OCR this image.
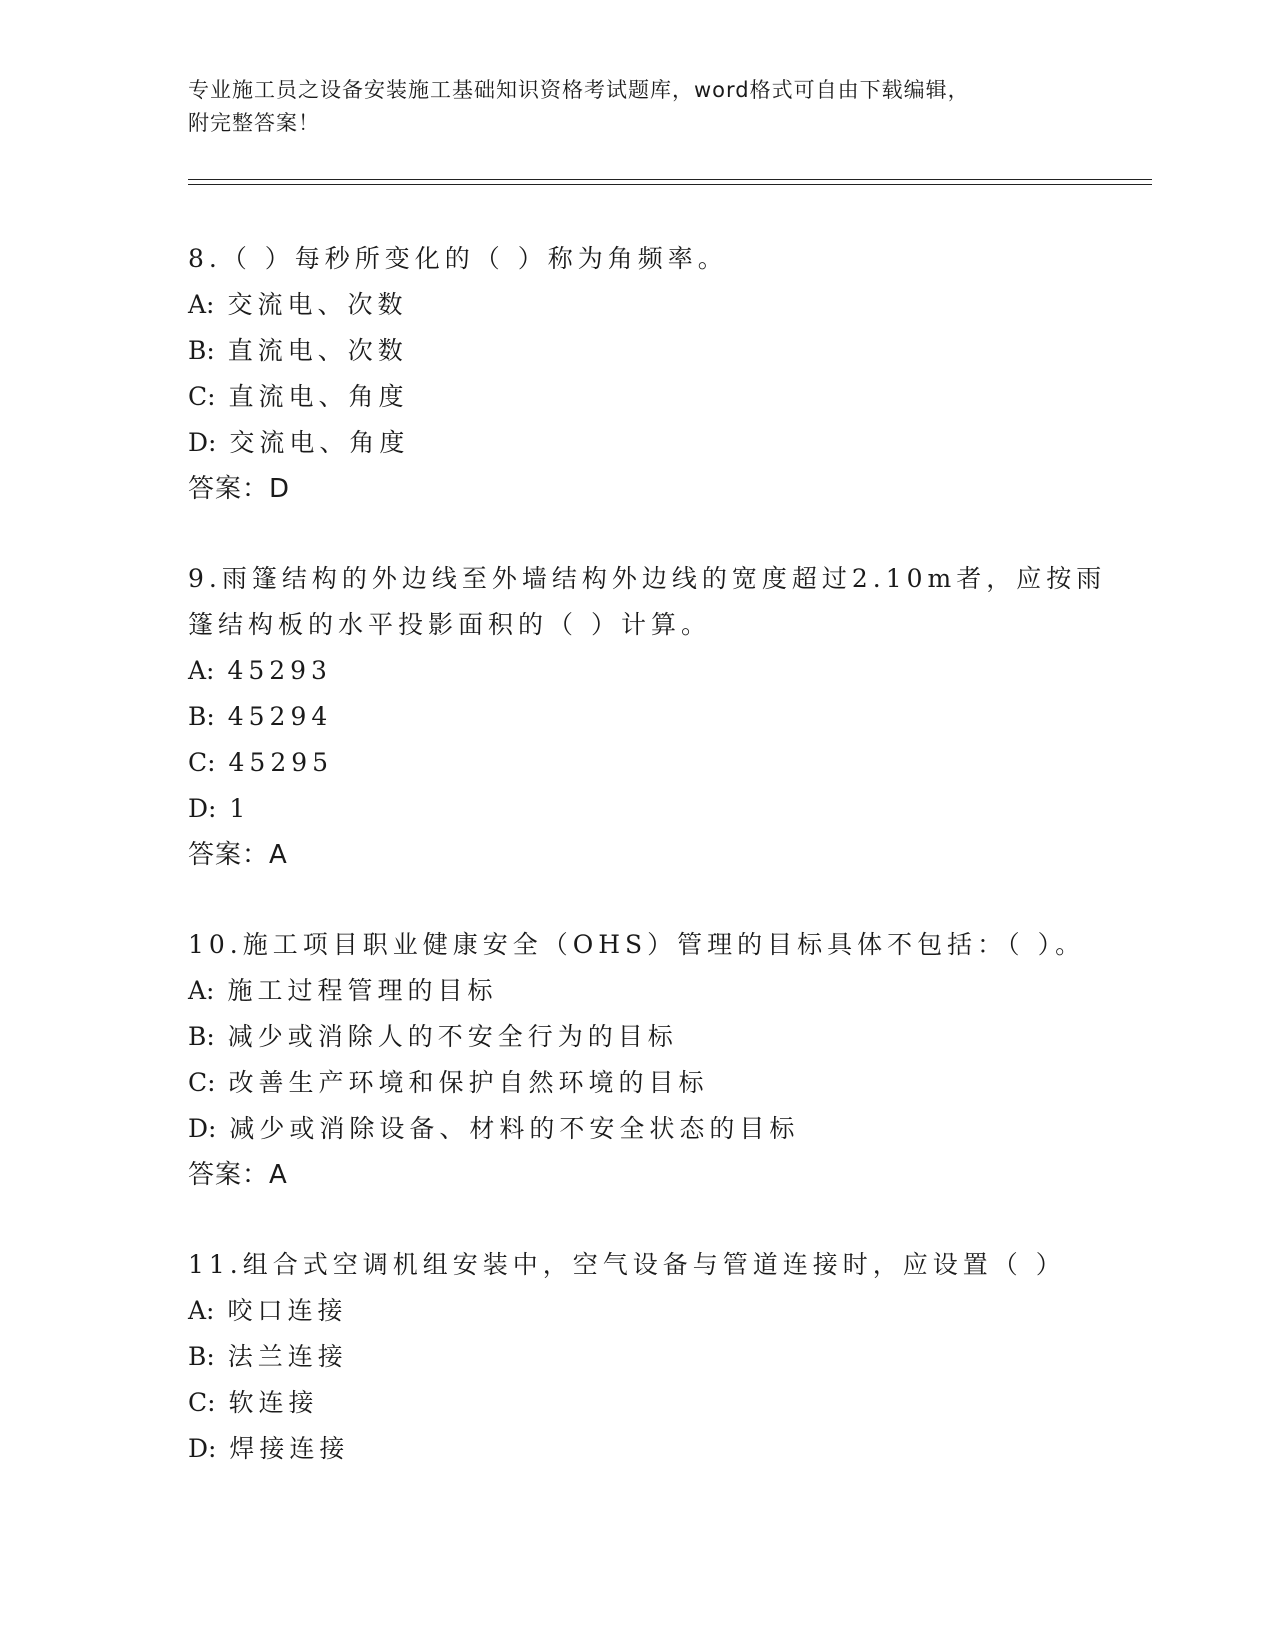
专业施工员之设备安装施工基础知识资格考试题库，word格式可自由下载编辑，
附完整答案！
8.（ ）每秒所变化的（ ）称为角频率。
A: 交流电、次数
B: 直流电、次数
C: 直流电、角度
D: 交流电、角度
答案：D
9.雨篷结构的外边线至外墙结构外边线的宽度超过2.10m者，应按雨
篷结构板的水平投影面积的（ ）计算。
A: 45293
B: 45294
C: 45295
D: 1
答案：A
10.施工项目职业健康安全（OHS）管理的目标具体不包括：（ ）。
A: 施工过程管理的目标
B: 减少或消除人的不安全行为的目标
C: 改善生产环境和保护自然环境的目标
D: 减少或消除设备、材料的不安全状态的目标
答案：A
11.组合式空调机组安装中，空气设备与管道连接时，应设置（ ）
A: 咬口连接
B: 法兰连接
C: 软连接
D: 焊接连接
